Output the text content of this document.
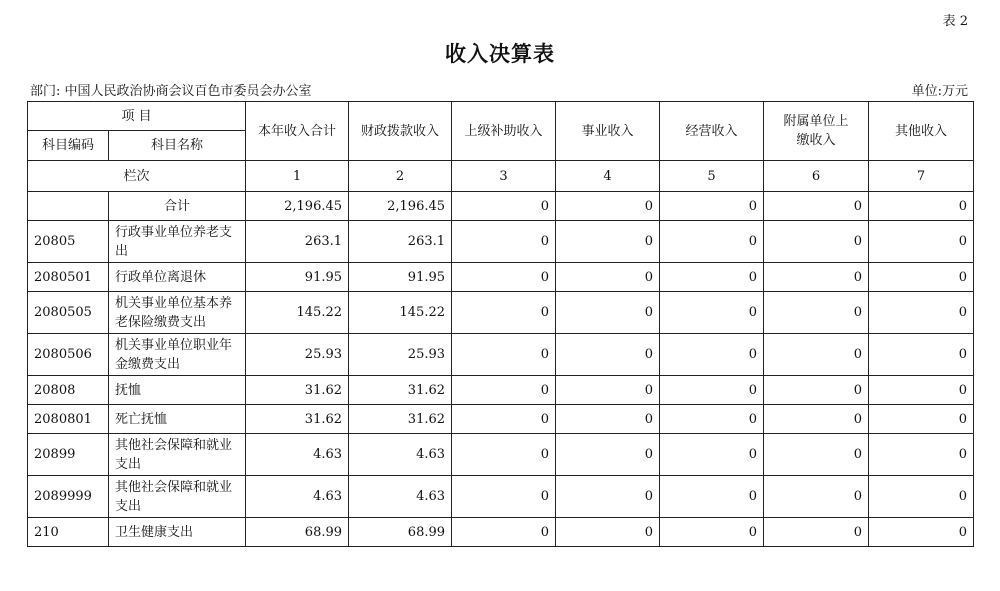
表 2
收入决算表
部门: 中国人民政治协商会议百色市委员会办公室	单位:万元
项 目		本年收入合计	财政拨款收入	上级补助收入	事业收入	经营收入	附属单位上缴收入	其他收入
科目编码	科目名称							
栏次		1	2	3	4	5	6	7
	合计	2,196.45	2,196.45	0	0	0	0	0
20805	行政事业单位养老支出	263.1	263.1	0	0	0	0	0
2080501	行政单位离退休	91.95	91.95	0	0	0	0	0
2080505	机关事业单位基本养老保险缴费支出	145.22	145.22	0	0	0	0	0
2080506	机关事业单位职业年金缴费支出	25.93	25.93	0	0	0	0	0
20808	抚恤	31.62	31.62	0	0	0	0	0
2080801	死亡抚恤	31.62	31.62	0	0	0	0	0
20899	其他社会保障和就业支出	4.63	4.63	0	0	0	0	0
2089999	其他社会保障和就业支出	4.63	4.63	0	0	0	0	0
210	卫生健康支出	68.99	68.99	0	0	0	0	0
